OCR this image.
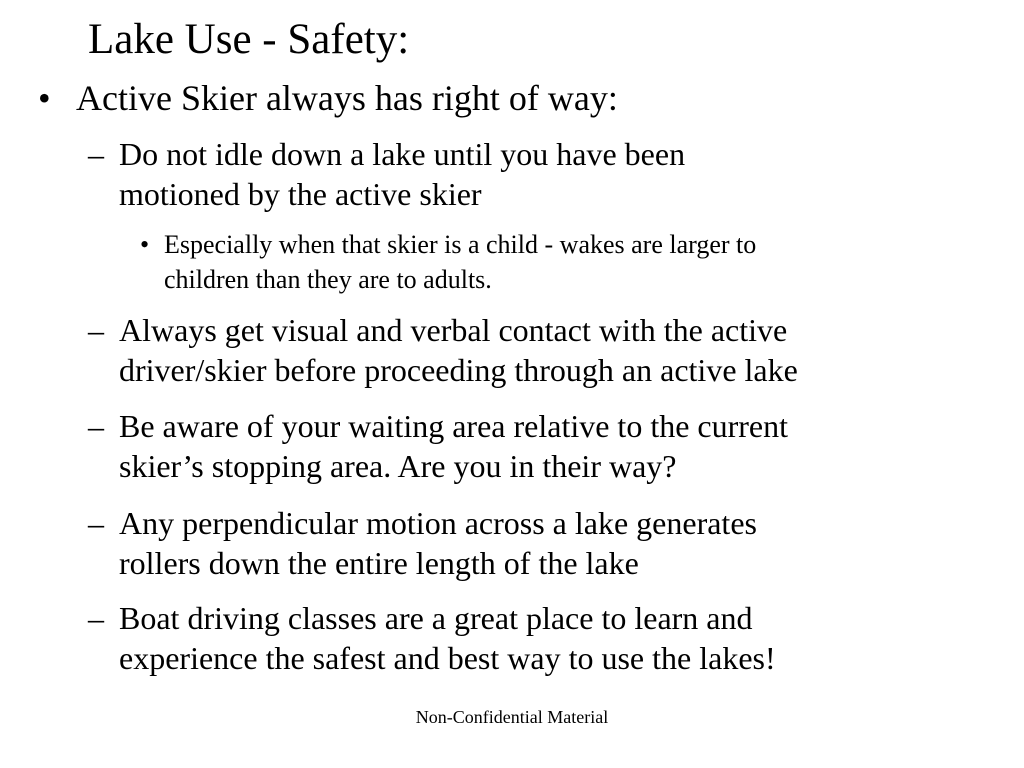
Lake Use - Safety:
• Active Skier always has right of way:
– Do not idle down a lake until you have been
motioned by the active skier
• Especially when that skier is a child - wakes are larger to
children than they are to adults.
– Always get visual and verbal contact with the active
driver/skier before proceeding through an active lake
– Be aware of your waiting area relative to the current
skier’s stopping area. Are you in their way?
– Any perpendicular motion across a lake generates
rollers down the entire length of the lake
– Boat driving classes are a great place to learn and
experience the safest and best way to use the lakes!
Non-Confidential Material
